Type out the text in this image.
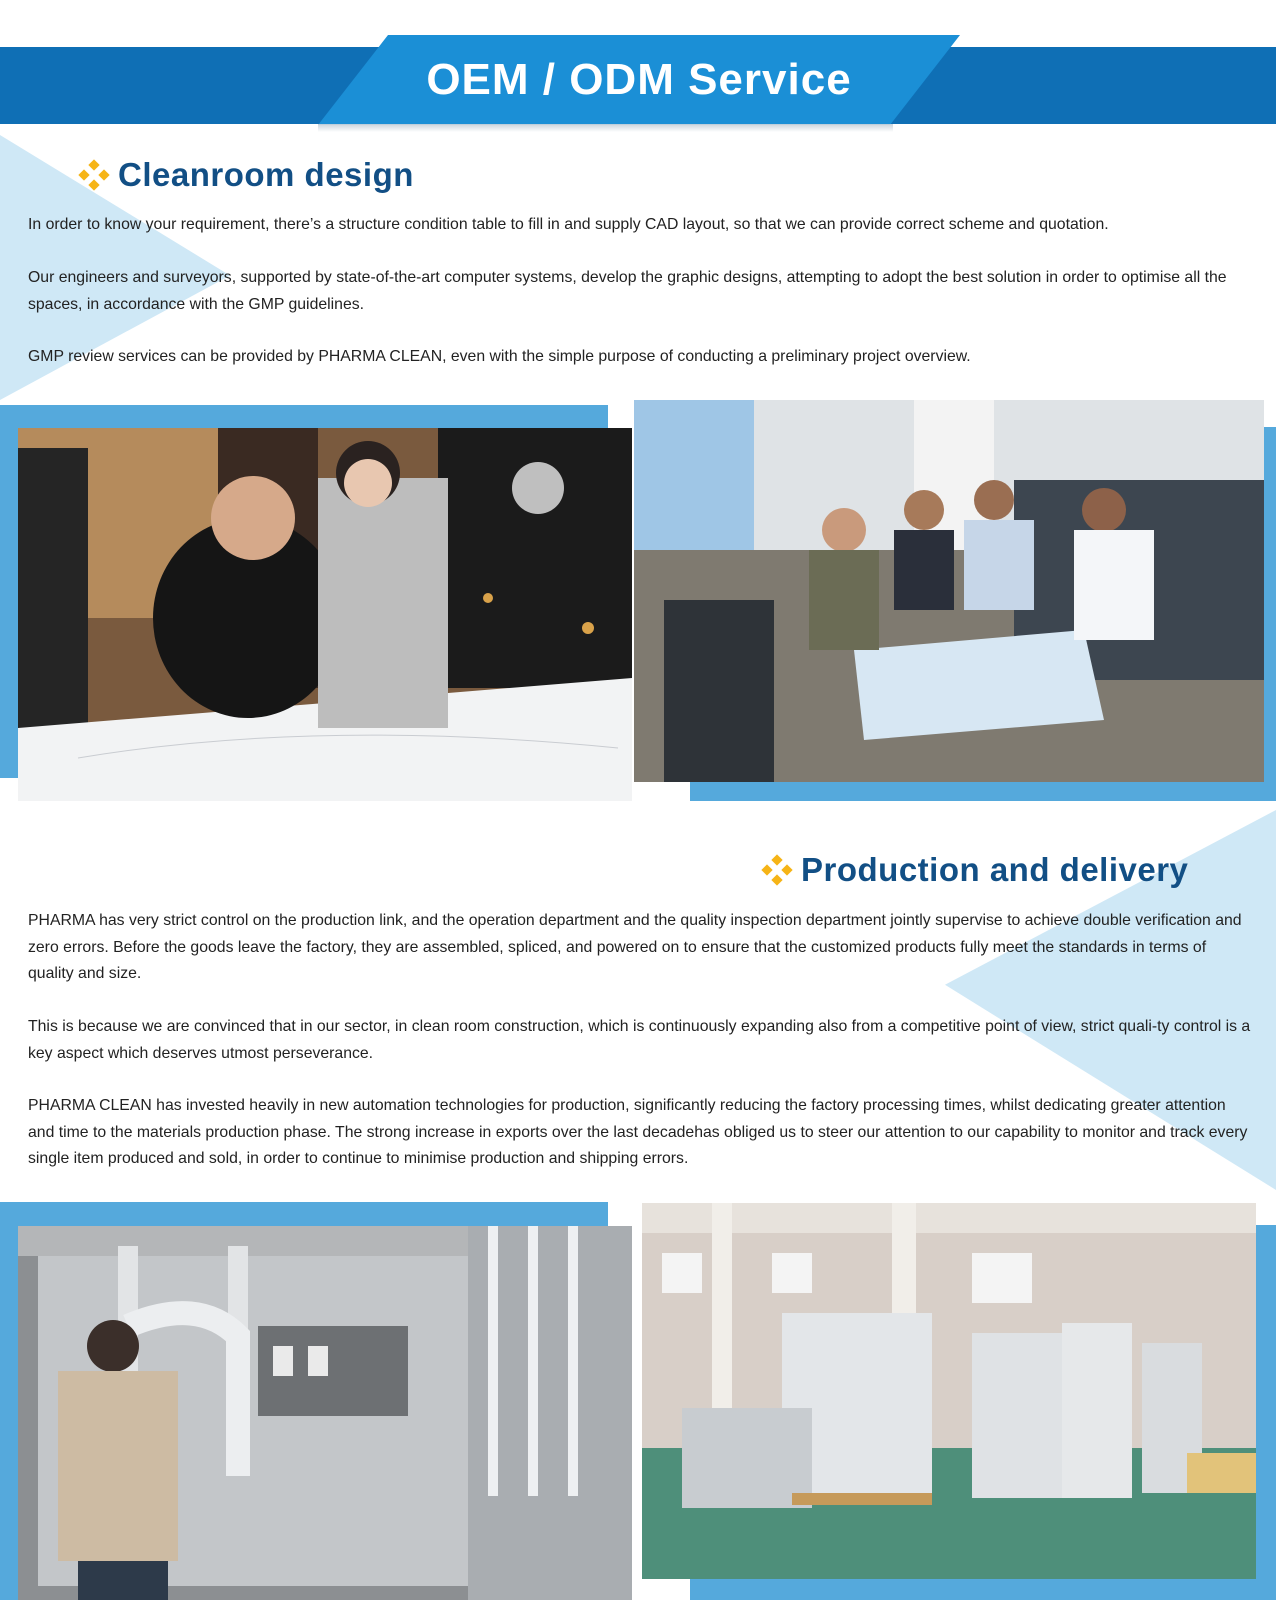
OEM / ODM Service
Cleanroom design

In order to know your requirement, there’s a structure condition table to fill in and supply CAD layout, so that we can provide correct scheme and quotation.

Our engineers and surveyors, supported by state-of-the-art computer systems, develop the graphic designs, attempting to adopt the best solution in order to optimise all the spaces, in accordance with the GMP guidelines.

GMP review services can be provided by PHARMA CLEAN, even with the simple purpose of conducting a preliminary project overview.

Production and delivery

PHARMA has very strict control on the production link, and the operation department and the quality inspection department jointly supervise to achieve double verification and zero errors. Before the goods leave the factory, they are assembled, spliced, and powered on to ensure that the customized products fully meet the standards in terms of quality and size.

This is because we are convinced that in our sector, in clean room construction, which is continuously expanding also from a competitive point of view, strict quali-ty control is a key aspect which deserves utmost perseverance.

PHARMA CLEAN has invested heavily in new automation technologies for production, significantly reducing the factory processing times, whilst dedicating greater attention and time to the materials production phase. The strong increase in exports over the last decadehas obliged us to steer our attention to our capability to monitor and track every single item produced and sold, in order to continue to minimise production and shipping errors.
